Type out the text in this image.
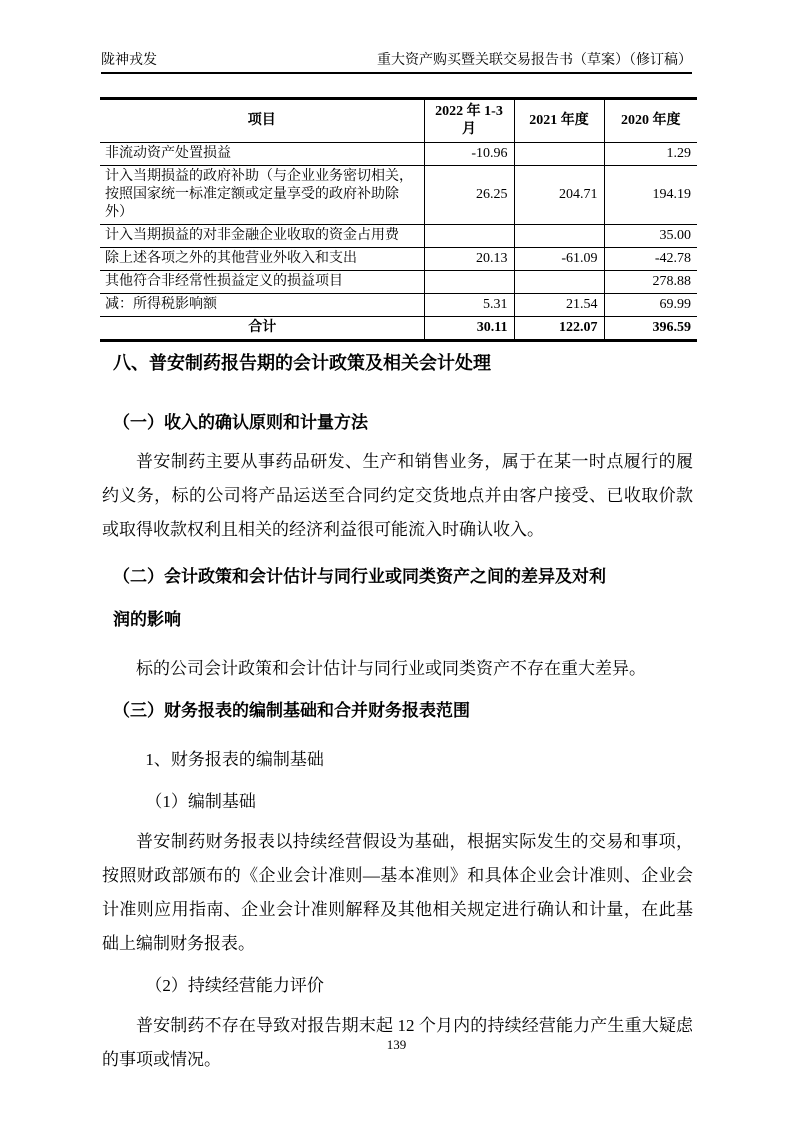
陇神戎发	重大资产购买暨关联交易报告书（草案）（修订稿）
项目	2022 年 1-3 月	2021 年度	2020 年度
非流动资产处置损益	-10.96		1.29
计入当期损益的政府补助（与企业业务密切相关，按照国家统一标准定额或定量享受的政府补助除外）	26.25	204.71	194.19
计入当期损益的对非金融企业收取的资金占用费			35.00
除上述各项之外的其他营业外收入和支出	20.13	-61.09	-42.78
其他符合非经常性损益定义的损益项目			278.88
减：所得税影响额	5.31	21.54	69.99
合计	30.11	122.07	396.59
八、普安制药报告期的会计政策及相关会计处理
（一）收入的确认原则和计量方法

普安制药主要从事药品研发、生产和销售业务，属于在某一时点履行的履约义务，标的公司将产品运送至合同约定交货地点并由客户接受、已收取价款或取得收款权利且相关的经济利益很可能流入时确认收入。

（二）会计政策和会计估计与同行业或同类资产之间的差异及对利润的影响

标的公司会计政策和会计估计与同行业或同类资产不存在重大差异。

（三）财务报表的编制基础和合并财务报表范围
1、财务报表的编制基础
（1）编制基础

普安制药财务报表以持续经营假设为基础，根据实际发生的交易和事项，按照财政部颁布的《企业会计准则—基本准则》和具体企业会计准则、企业会计准则应用指南、企业会计准则解释及其他相关规定进行确认和计量，在此基础上编制财务报表。

（2）持续经营能力评价

普安制药不存在导致对报告期末起 12 个月内的持续经营能力产生重大疑虑的事项或情况。

139
